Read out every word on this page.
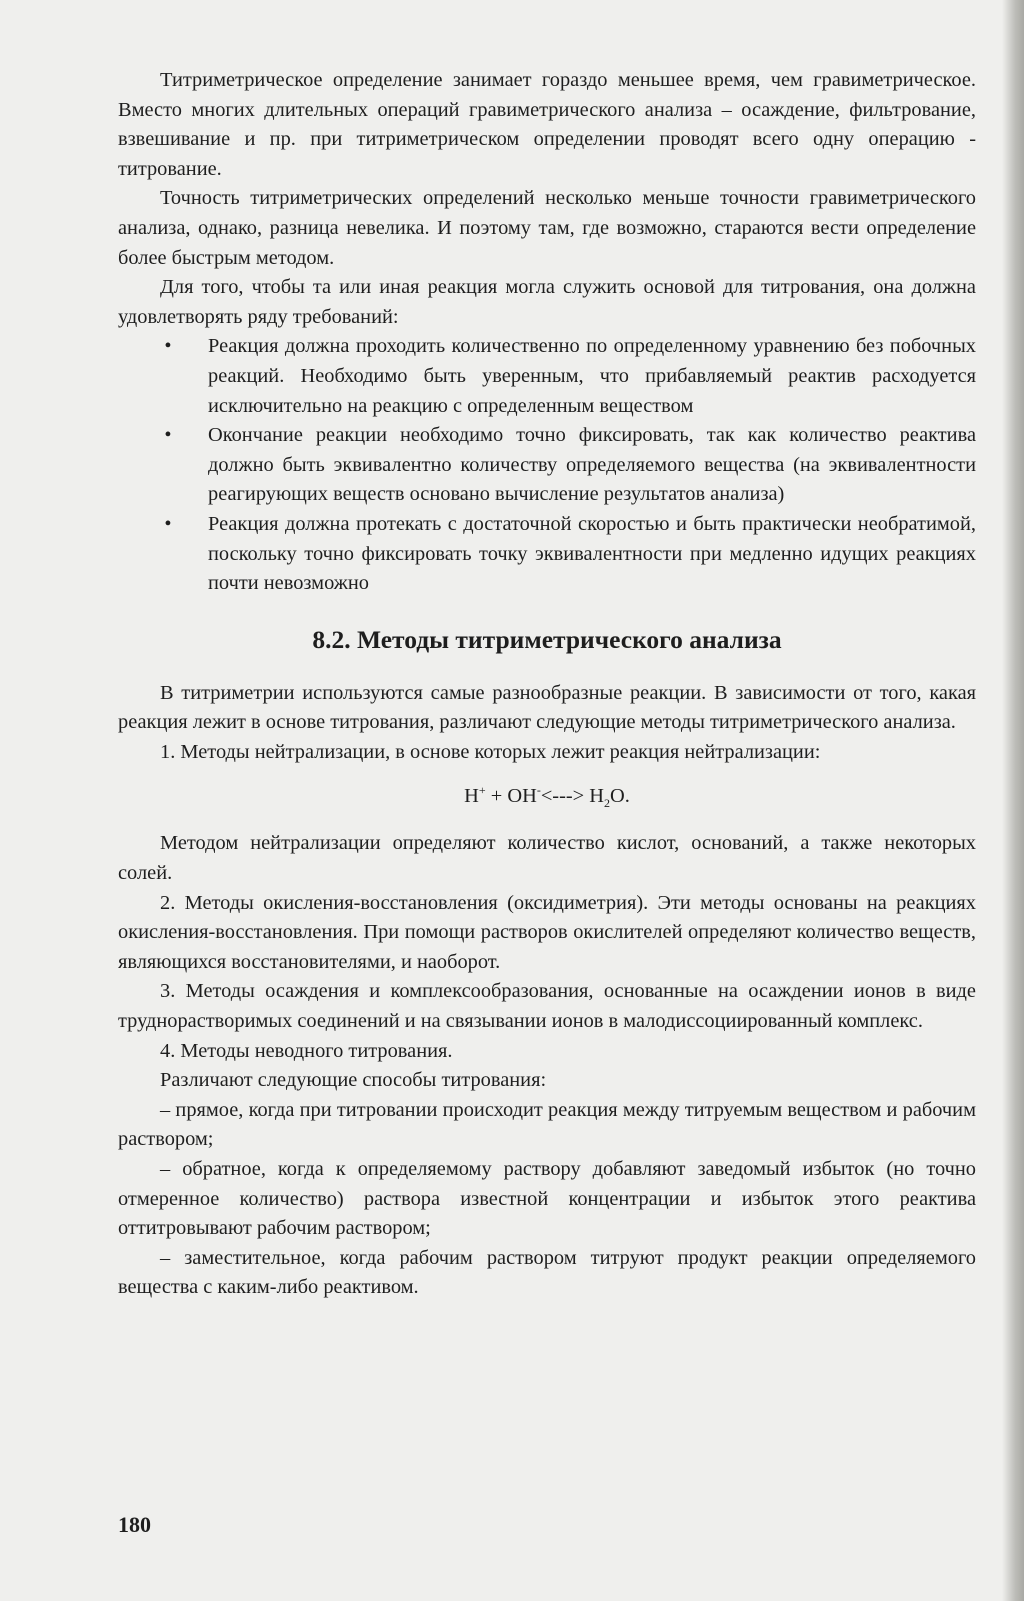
Титриметрическое определение занимает гораздо меньшее время, чем гравиметрическое. Вместо многих длительных операций гравиметрического анализа – осаждение, фильтрование, взвешивание и пр. при титриметрическом определении проводят всего одну операцию - титрование.

Точность титриметрических определений несколько меньше точности гравиметрического анализа, однако, разница невелика. И поэтому там, где возможно, стараются вести определение более быстрым методом.

Для того, чтобы та или иная реакция могла служить основой для титрования, она должна удовлетворять ряду требований:

•	Реакция должна проходить количественно по определенному уравнению без побочных реакций. Необходимо быть уверенным, что прибавляемый реактив расходуется исключительно на реакцию с определенным веществом
•	Окончание реакции необходимо точно фиксировать, так как количество реактива должно быть эквивалентно количеству определяемого вещества (на эквивалентности реагирующих веществ основано вычисление результатов анализа)
•	Реакция должна протекать с достаточной скоростью и быть практически необратимой, поскольку точно фиксировать точку эквивалентности при медленно идущих реакциях почти невозможно

8.2. Методы титриметрического анализа

В титриметрии используются самые разнообразные реакции. В зависимости от того, какая реакция лежит в основе титрования, различают следующие методы титриметрического анализа.

1. Методы нейтрализации, в основе которых лежит реакция нейтрализации:

$H^+ + OH^-<---> H_2O$.

Методом нейтрализации определяют количество кислот, оснований, а также некоторых солей.

2. Методы окисления-восстановления (оксидиметрия). Эти методы основаны на реакциях окисления-восстановления. При помощи растворов окислителей определяют количество веществ, являющихся восстановителями, и наоборот.

3. Методы осаждения и комплексообразования, основанные на осаждении ионов в виде труднорастворимых соединений и на связывании ионов в малодиссоциированный комплекс.

4. Методы неводного титрования.

Различают следующие способы титрования:

– прямое, когда при титровании происходит реакция между титруемым веществом и рабочим раствором;

– обратное, когда к определяемому раствору добавляют заведомый избыток (но точно отмеренное количество) раствора известной концентрации и избыток этого реактива оттитровывают рабочим раствором;

– заместительное, когда рабочим раствором титруют продукт реакции определяемого вещества с каким-либо реактивом.

180
